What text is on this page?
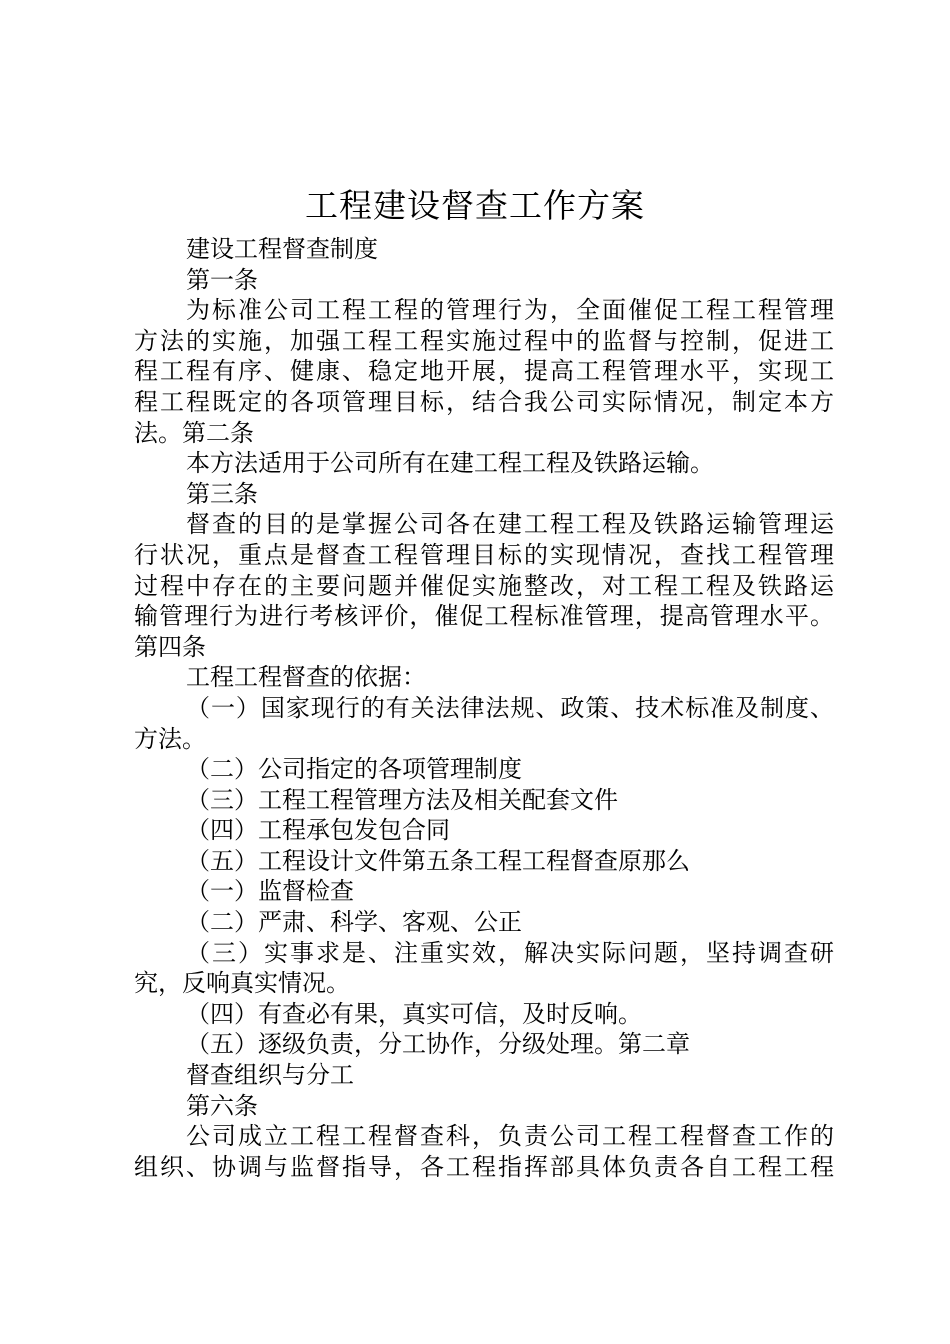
工程建设督查工作方案
建设工程督查制度
第一条
为标准公司工程工程的管理行为，全面催促工程工程管理
方法的实施，加强工程工程实施过程中的监督与控制，促进工
程工程有序、健康、稳定地开展，提高工程管理水平，实现工
程工程既定的各项管理目标，结合我公司实际情况，制定本方
法。第二条
本方法适用于公司所有在建工程工程及铁路运输。
第三条
督查的目的是掌握公司各在建工程工程及铁路运输管理运
行状况，重点是督查工程管理目标的实现情况，查找工程管理
过程中存在的主要问题并催促实施整改，对工程工程及铁路运
输管理行为进行考核评价，催促工程标准管理，提高管理水平。
第四条
工程工程督查的依据：
（一）国家现行的有关法律法规、政策、技术标准及制度、
方法。
（二）公司指定的各项管理制度
（三）工程工程管理方法及相关配套文件
（四）工程承包发包合同
（五）工程设计文件第五条工程工程督查原那么
（一）监督检查
（二）严肃、科学、客观、公正
（三）实事求是、注重实效，解决实际问题，坚持调查研
究，反响真实情况。
（四）有查必有果，真实可信，及时反响。
（五）逐级负责，分工协作，分级处理。第二章
督查组织与分工
第六条
公司成立工程工程督查科，负责公司工程工程督查工作的
组织、协调与监督指导，各工程指挥部具体负责各自工程工程
